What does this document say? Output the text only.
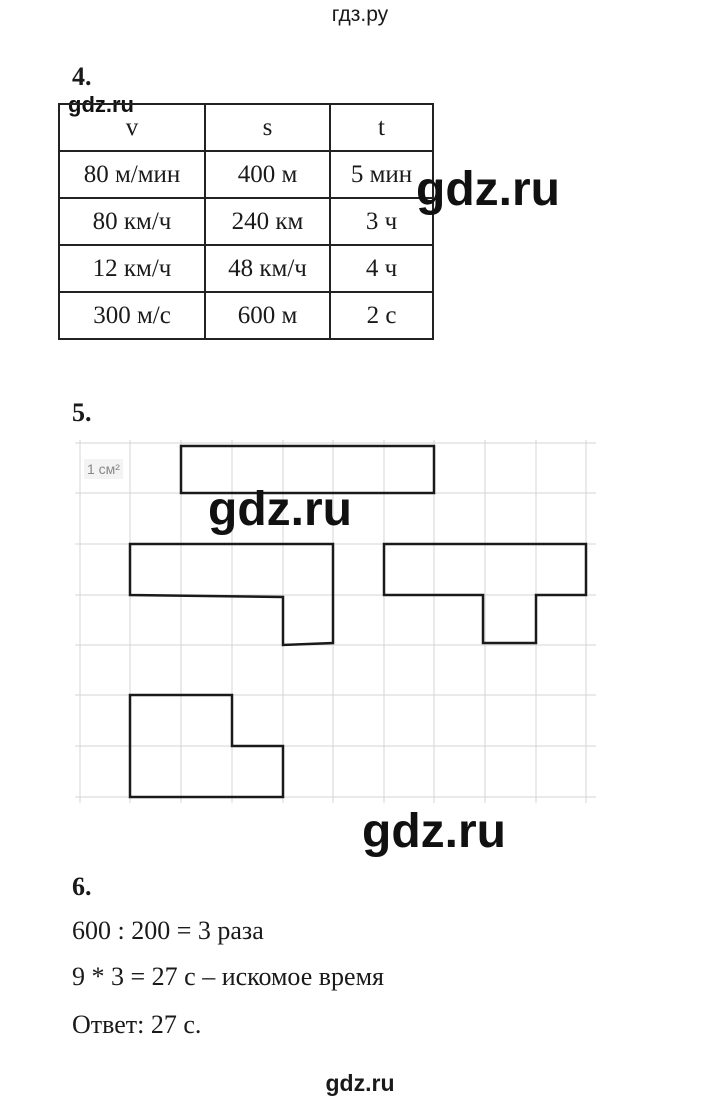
гдз.ру
4.
gdz.ru
v	s	t
80 м/мин	400 м	5 мин
80 км/ч	240 км	3 ч
12 км/ч	48 км/ч	4 ч
300 м/с	600 м	2 с
gdz.ru
5.
1 см²
gdz.ru
gdz.ru
6.
600 : 200 = 3 раза
9 * 3 = 27 с – искомое время
Ответ: 27 с.
gdz.ru
